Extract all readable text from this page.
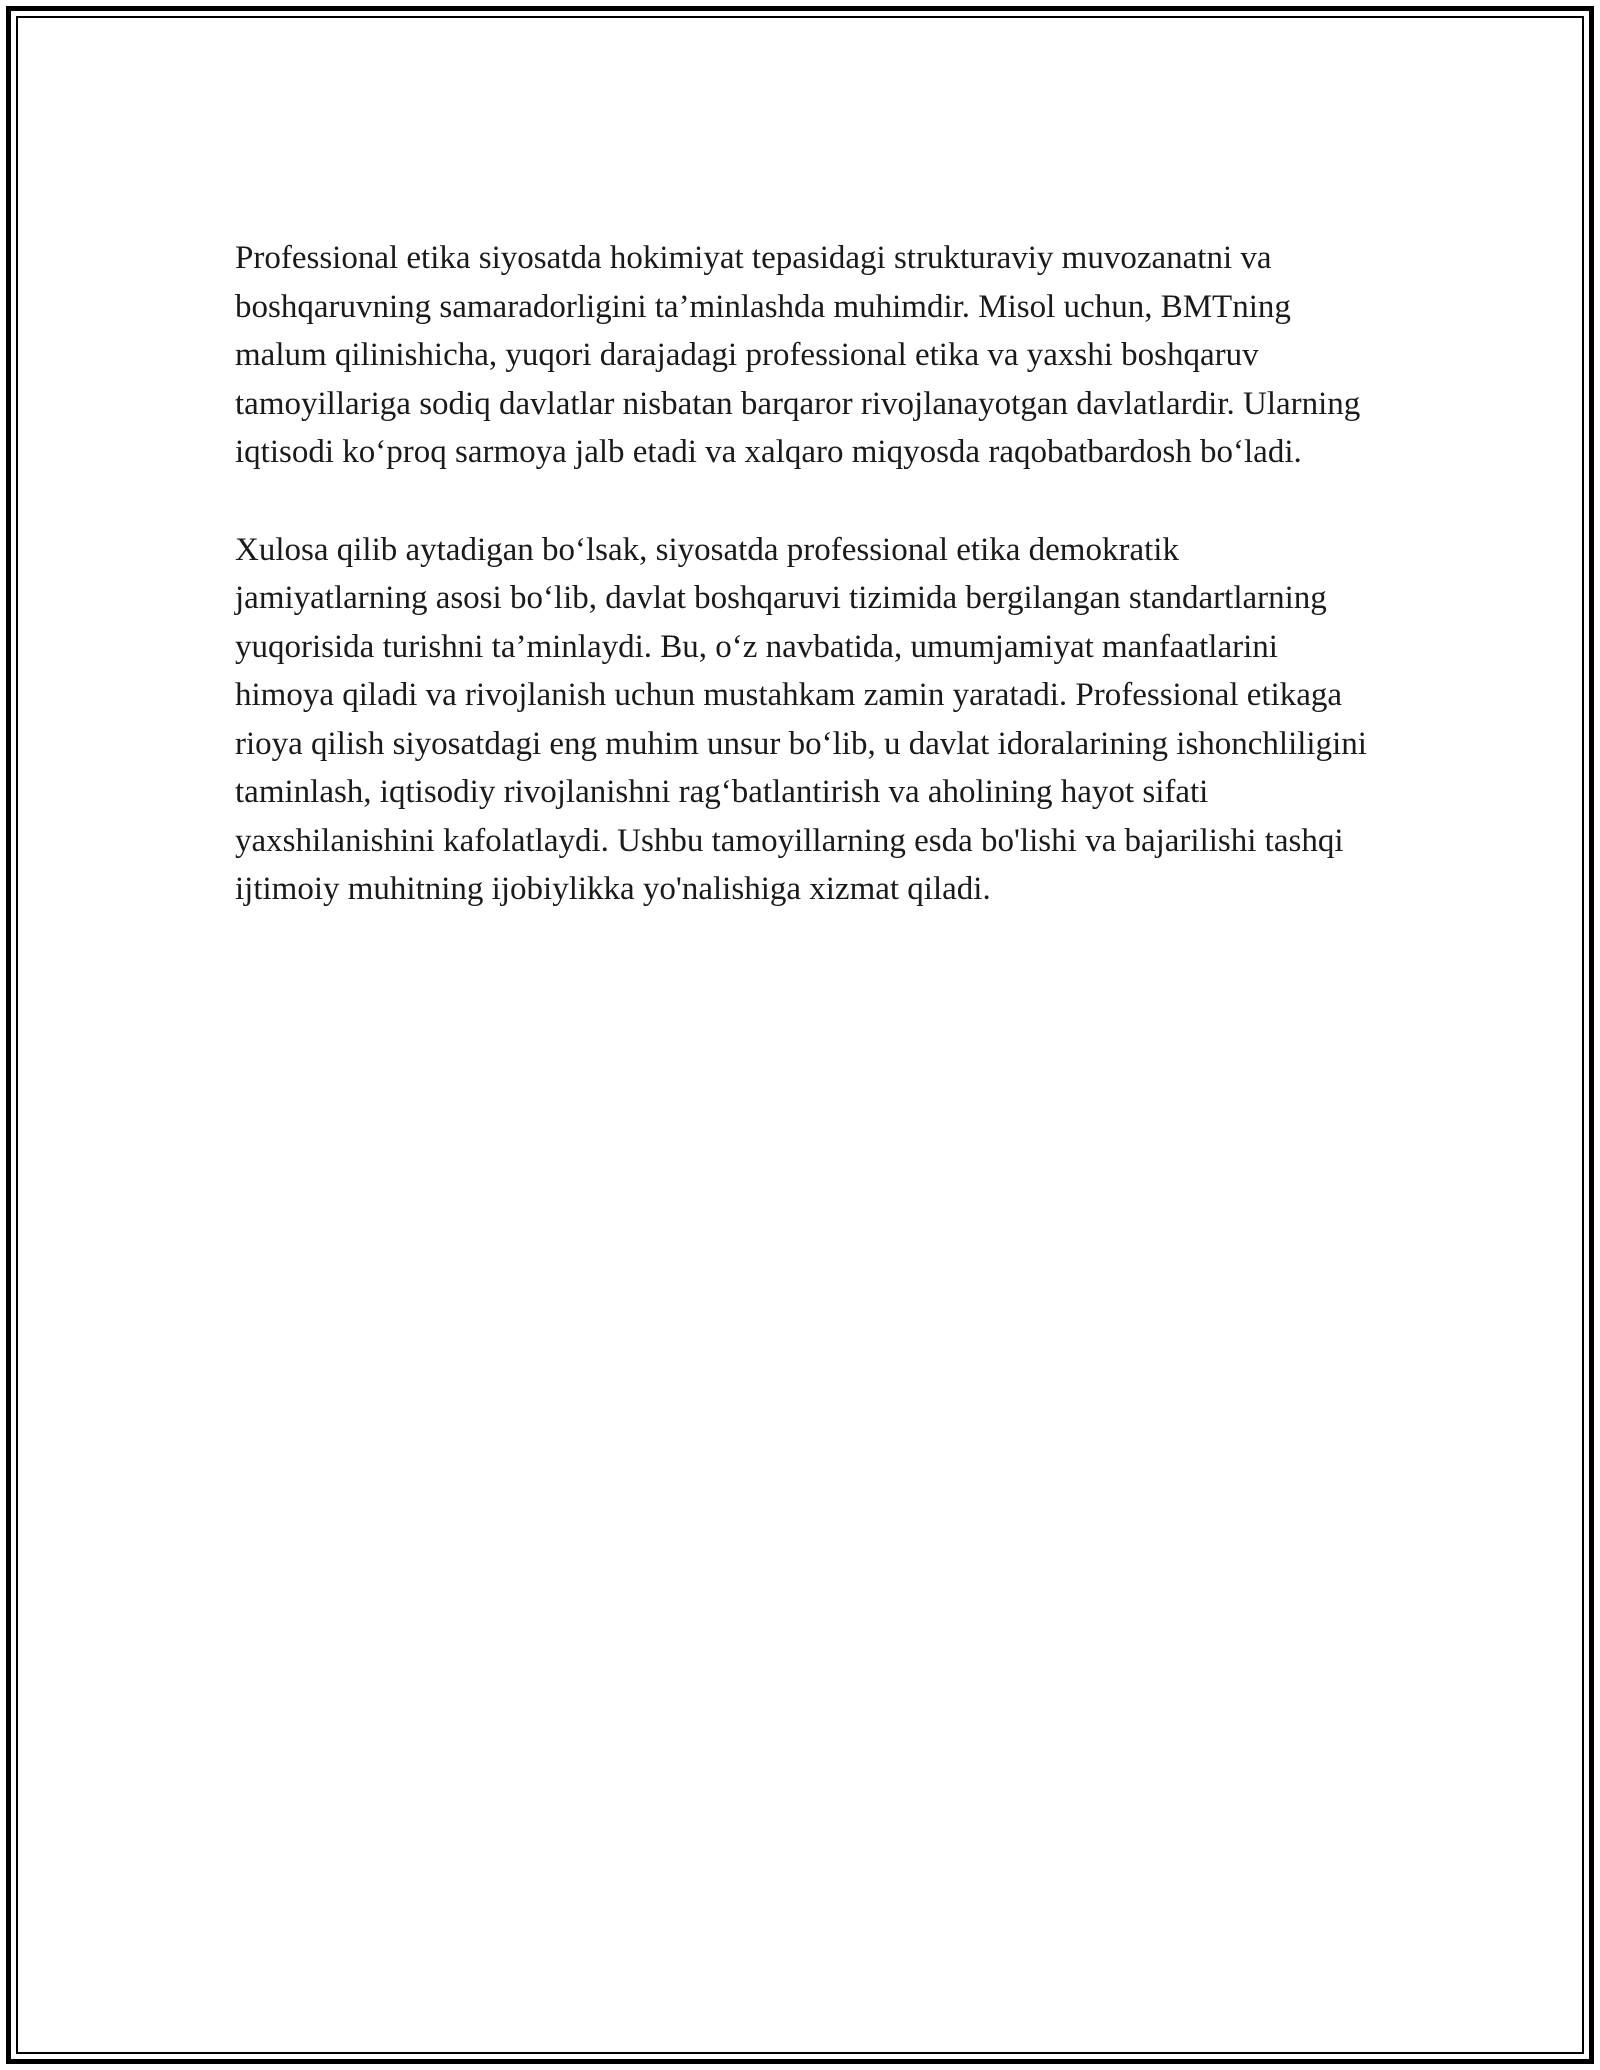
Professional etika siyosatda hokimiyat tepasidagi strukturaviy muvozanatni va boshqaruvning samaradorligini ta’minlashda muhimdir. Misol uchun, BMTning malum qilinishicha, yuqori darajadagi professional etika va yaxshi boshqaruv tamoyillariga sodiq davlatlar nisbatan barqaror rivojlanayotgan davlatlardir. Ularning iqtisodi ko‘proq sarmoya jalb etadi va xalqaro miqyosda raqobatbardosh bo‘ladi.

Xulosa qilib aytadigan bo‘lsak, siyosatda professional etika demokratik jamiyatlarning asosi bo‘lib, davlat boshqaruvi tizimida bergilangan standartlarning yuqorisida turishni ta’minlaydi. Bu, o‘z navbatida, umumjamiyat manfaatlarini himoya qiladi va rivojlanish uchun mustahkam zamin yaratadi. Professional etikaga rioya qilish siyosatdagi eng muhim unsur bo‘lib, u davlat idoralarining ishonchliligini taminlash, iqtisodiy rivojlanishni rag‘batlantirish va aholining hayot sifati yaxshilanishini kafolatlaydi. Ushbu tamoyillarning esda bo'lishi va bajarilishi tashqi ijtimoiy muhitning ijobiylikka yo'nalishiga xizmat qiladi.
